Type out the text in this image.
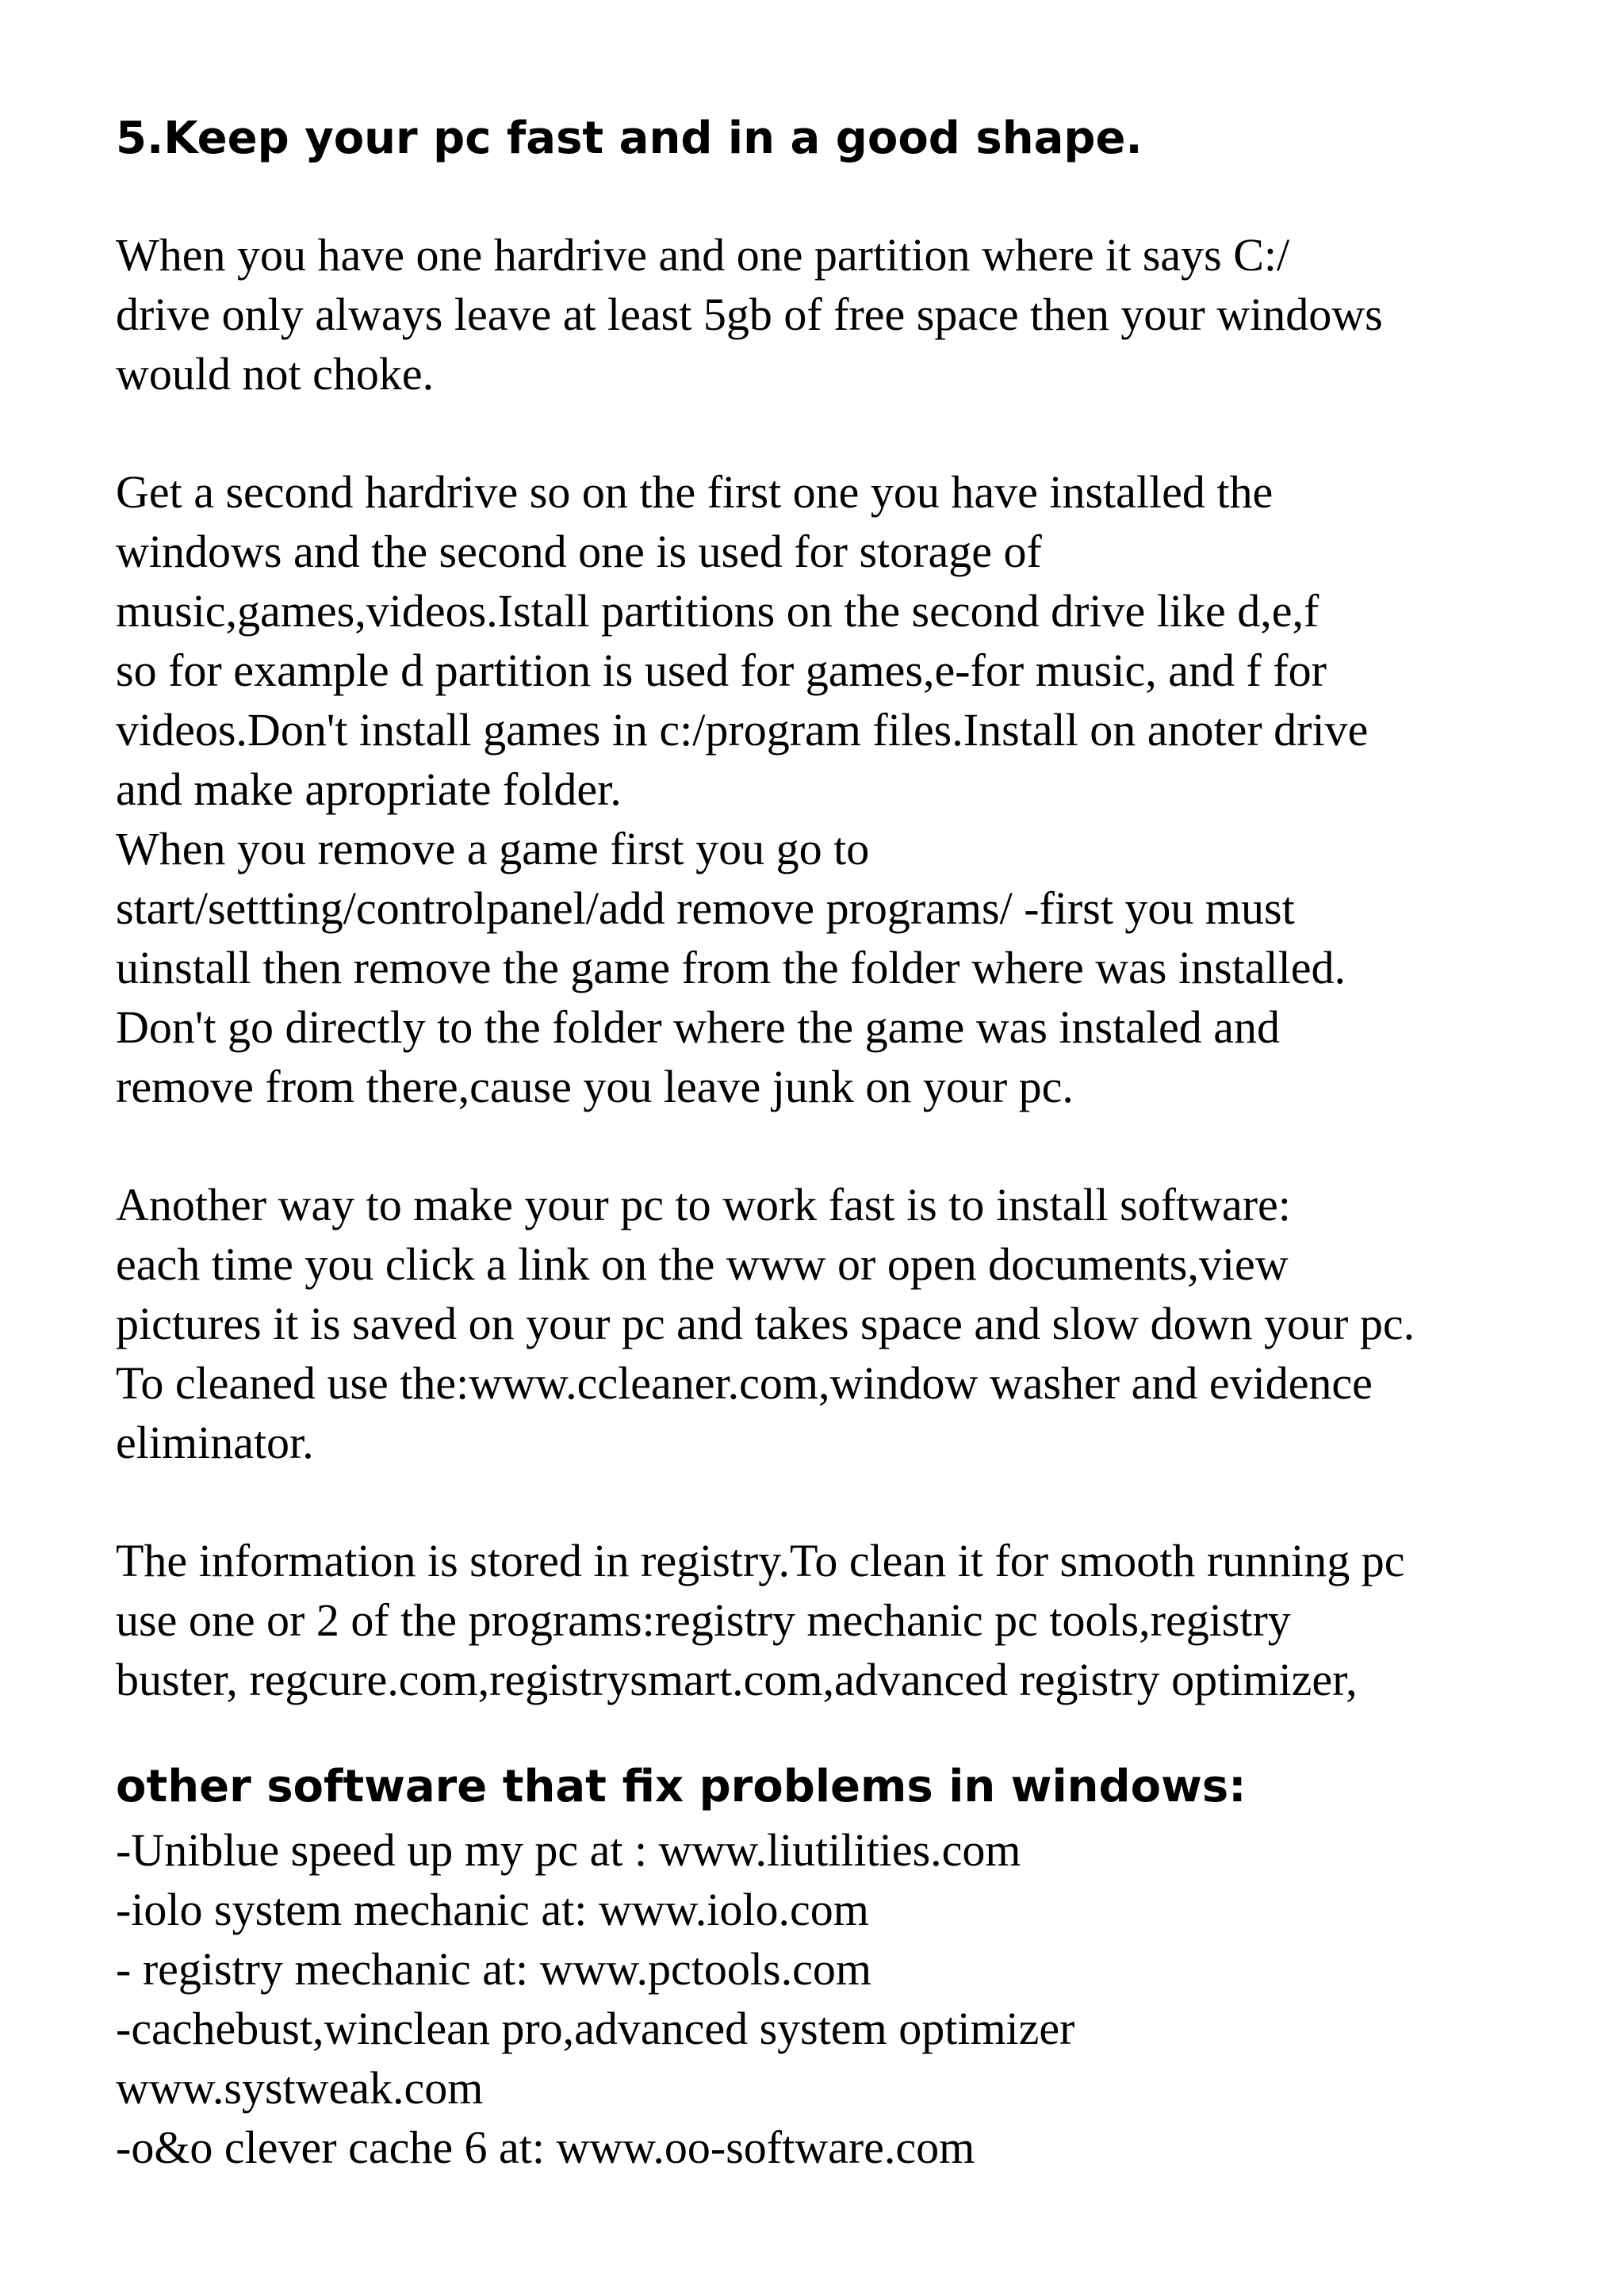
5.Keep your pc fast and in a good shape.

When you have one hardrive and one partition where it says C:/
drive only always leave at least 5gb of free space then your windows
would not choke.

Get a second hardrive so on the first one you have installed the
windows and the second one is used for storage of
music,games,videos.Istall partitions on the second drive like d,e,f
so for example d partition is used for games,e-for music, and f for
videos.Don't install games in c:/program files.Install on anoter drive
and make apropriate folder.
When you remove a game first you go to
start/settting/controlpanel/add remove programs/ -first you must
uinstall then remove the game from the folder where was installed.
Don't go directly to the folder where the game was instaled and
remove from there,cause you leave junk on your pc.

Another way to make your pc to work fast is to install software:
each time you click a link on the www or open documents,view
pictures it is saved on your pc and takes space and slow down your pc.
To cleaned use the:www.ccleaner.com,window washer and evidence
eliminator.

The information is stored in registry.To clean it for smooth running pc
use one or 2 of the programs:registry mechanic pc tools,registry
buster, regcure.com,registrysmart.com,advanced registry optimizer,

other software that fix problems in windows:

-Uniblue speed up my pc at : www.liutilities.com
-iolo system mechanic at: www.iolo.com
- registry mechanic at: www.pctools.com
-cachebust,winclean pro,advanced system optimizer
www.systweak.com
-o&o clever cache 6 at: www.oo-software.com
